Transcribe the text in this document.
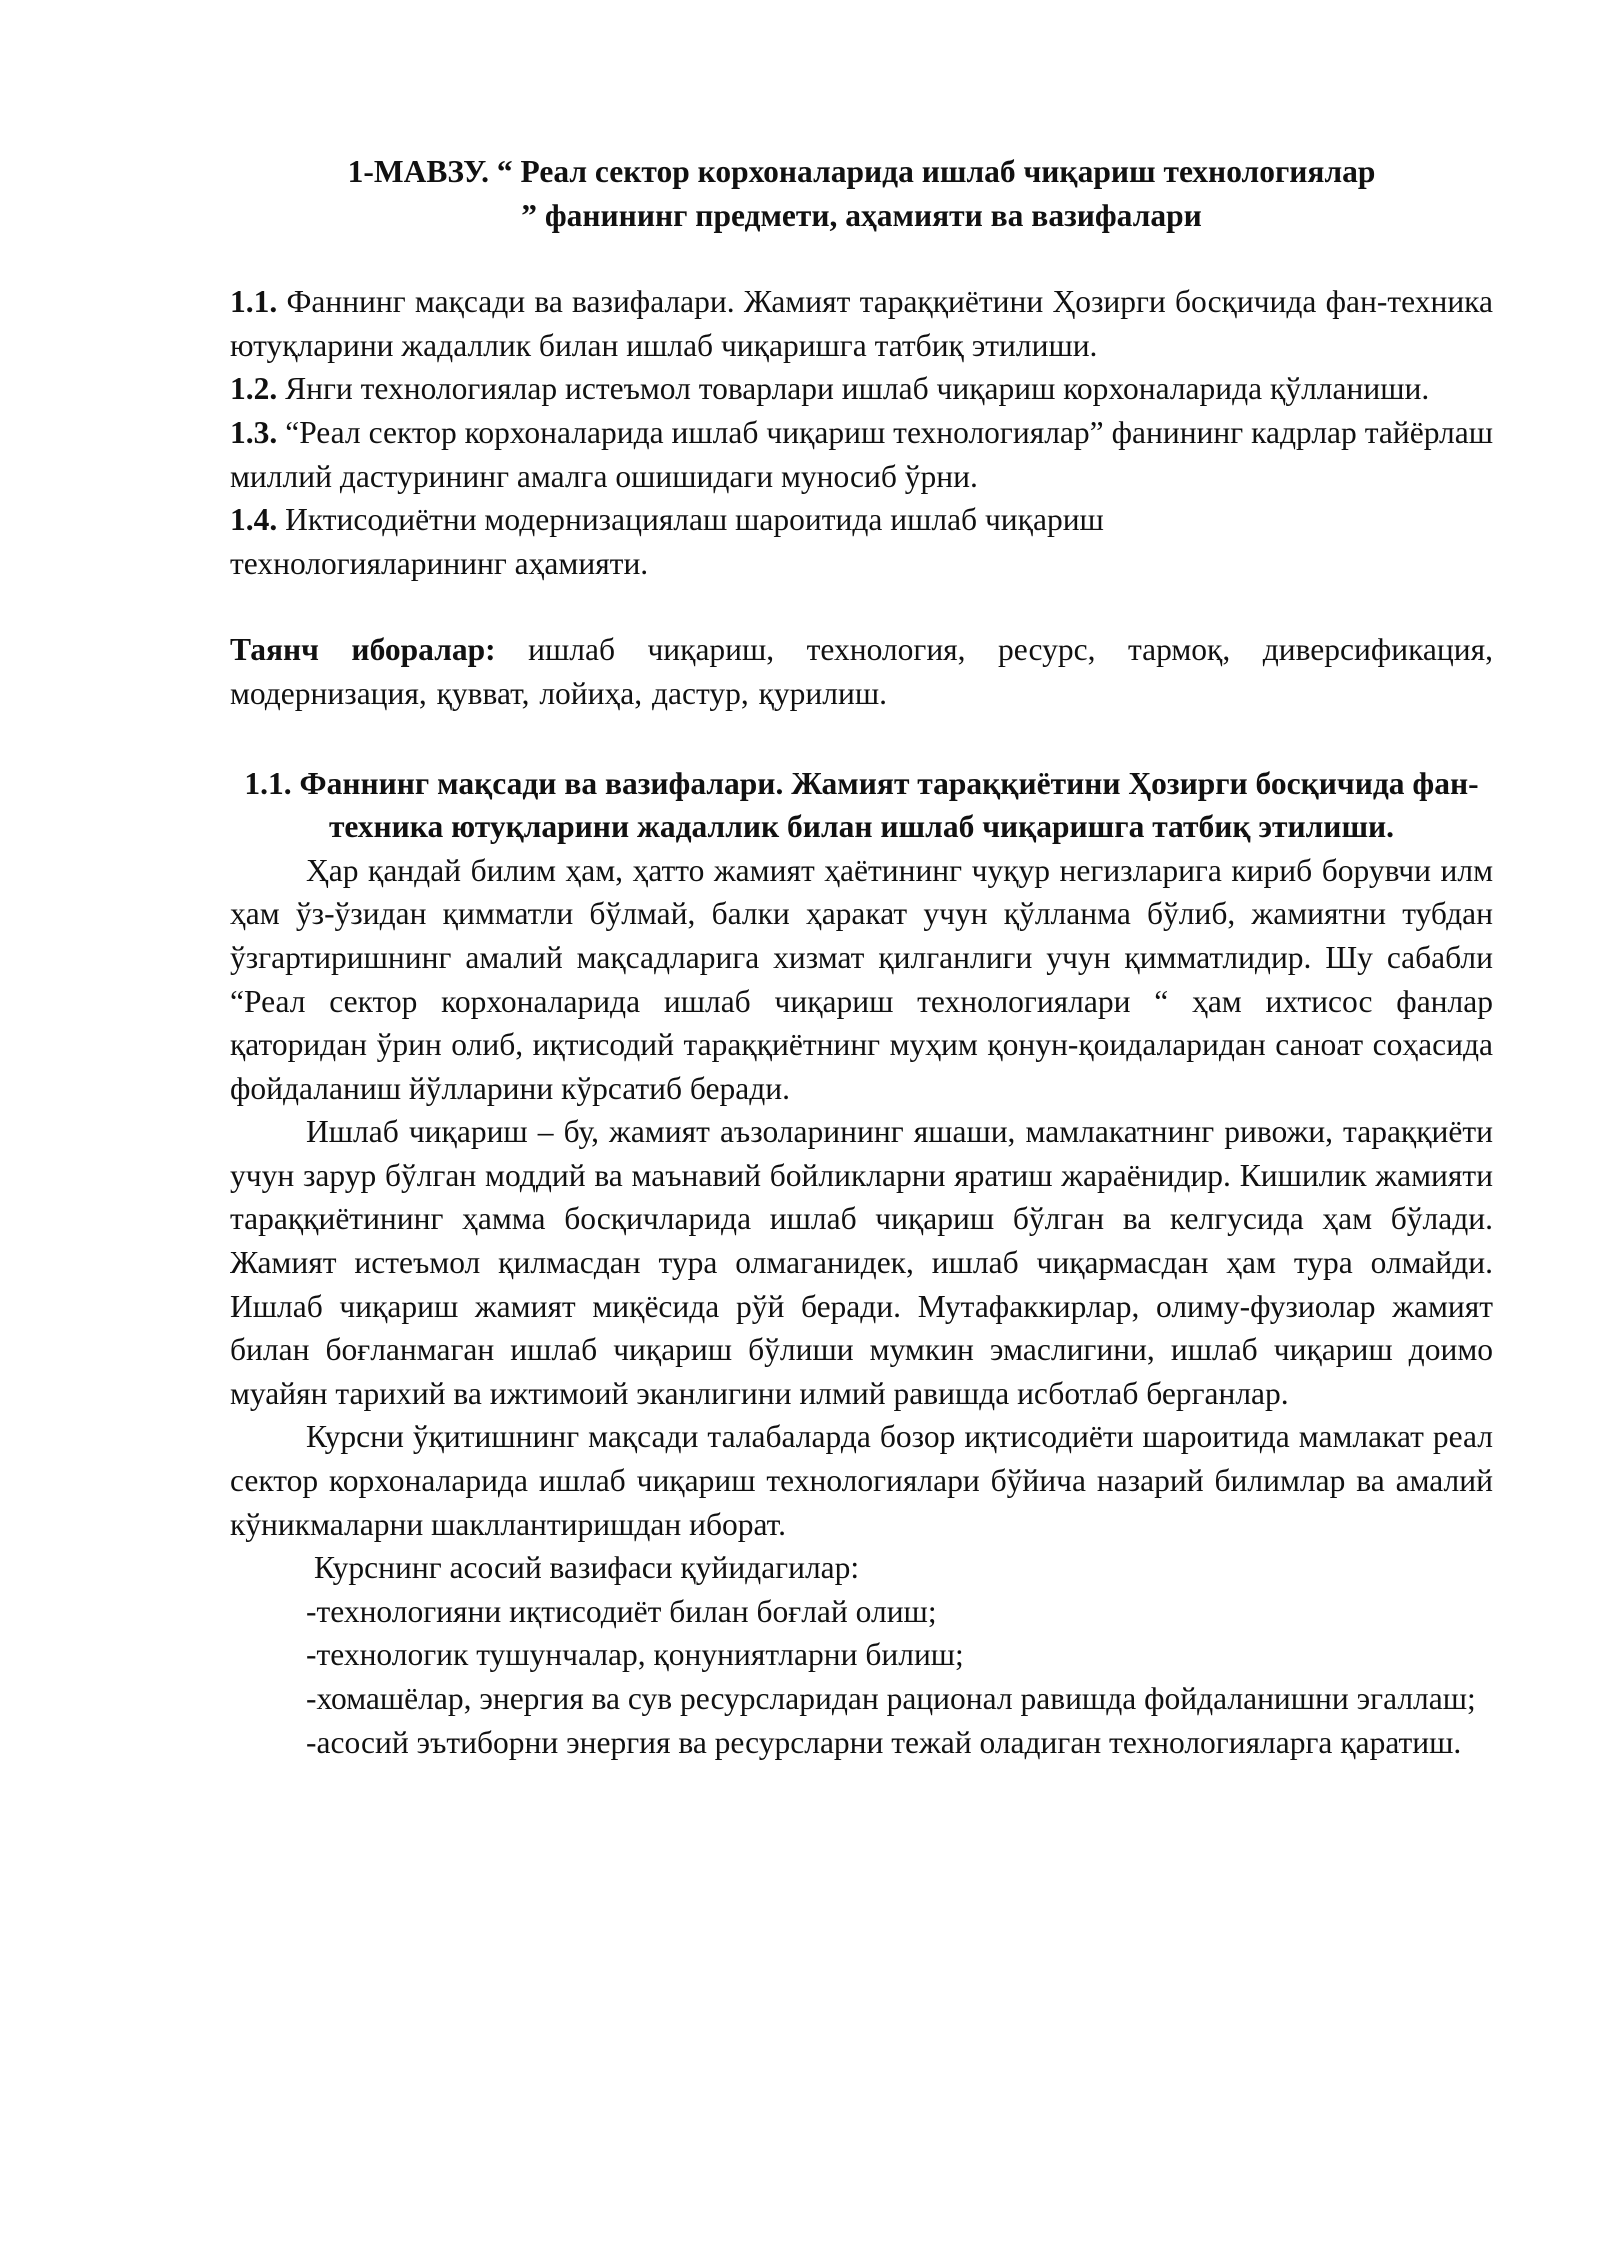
1-МАВЗУ. “ Реал сектор корхоналарида ишлаб чиқариш технологиялар
” фанининг предмети, аҳамияти ва вазифалари

1.1. Фаннинг мақсади ва вазифалари. Жамият тараққиётини Ҳозирги босқичида фан-техника ютуқларини жадаллик билан ишлаб чиқаришга татбиқ этилиши.

1.2. Янги технологиялар истеъмол товарлари ишлаб чиқариш корхоналарида қўлланиши.

1.3. “Реал сектор корхоналарида ишлаб чиқариш технологиялар” фанининг кадрлар тайёрлаш миллий дастурининг амалга ошишидаги муносиб ўрни.

1.4. Иктисодиётни модернизациялаш шароитида ишлаб чиқариш технологияларининг аҳамияти.

Таянч иборалар: ишлаб чиқариш, технология, ресурс, тармоқ, диверсификация, модернизация, қувват, лойиҳа, дастур, қурилиш.

1.1. Фаннинг мақсади ва вазифалари. Жамият тараққиётини Ҳозирги босқичида фан-техника ютуқларини жадаллик билан ишлаб чиқаришга татбиқ этилиши.

Ҳар қандай билим ҳам, ҳатто жамият ҳаётининг чуқур негизларига кириб борувчи илм ҳам ўз-ўзидан қимматли бўлмай, балки ҳаракат учун қўлланма бўлиб, жамиятни тубдан ўзгартиришнинг амалий мақсадларига хизмат қилганлиги учун қимматлидир. Шу сабабли “Реал сектор корхоналарида ишлаб чиқариш технологиялари “ ҳам ихтисос фанлар қаторидан ўрин олиб, иқтисодий тараққиётнинг муҳим қонун-қоидаларидан саноат соҳасида фойдаланиш йўлларини кўрсатиб беради.

Ишлаб чиқариш – бу, жамият аъзоларининг яшаши, мамлакатнинг ривожи, тараққиёти учун зарур бўлган моддий ва маънавий бойликларни яратиш жараёнидир. Кишилик жамияти тараққиётининг ҳамма босқичларида ишлаб чиқариш бўлган ва келгусида ҳам бўлади. Жамият истеъмол қилмасдан тура олмаганидек, ишлаб чиқармасдан ҳам тура олмайди. Ишлаб чиқариш жамият миқёсида рўй беради. Мутафаккирлар, олиму-фузиолар жамият билан боғланмаган ишлаб чиқариш бўлиши мумкин эмаслигини, ишлаб чиқариш доимо муайян тарихий ва ижтимоий эканлигини илмий равишда исботлаб берганлар.

Курсни ўқитишнинг мақсади талабаларда бозор иқтисодиёти шароитида мамлакат реал сектор корхоналарида ишлаб чиқариш технологиялари бўйича назарий билимлар ва амалий кўникмаларни шакллантиришдан иборат.

Курснинг асосий вазифаси қуйидагилар:

-технологияни иқтисодиёт билан боғлай олиш;

-технологик тушунчалар, қонуниятларни билиш;

-хомашёлар, энергия ва сув ресурсларидан рационал равишда фойдаланишни эгаллаш;

-асосий эътиборни энергия ва ресурсларни тежай оладиган технологияларга қаратиш.
